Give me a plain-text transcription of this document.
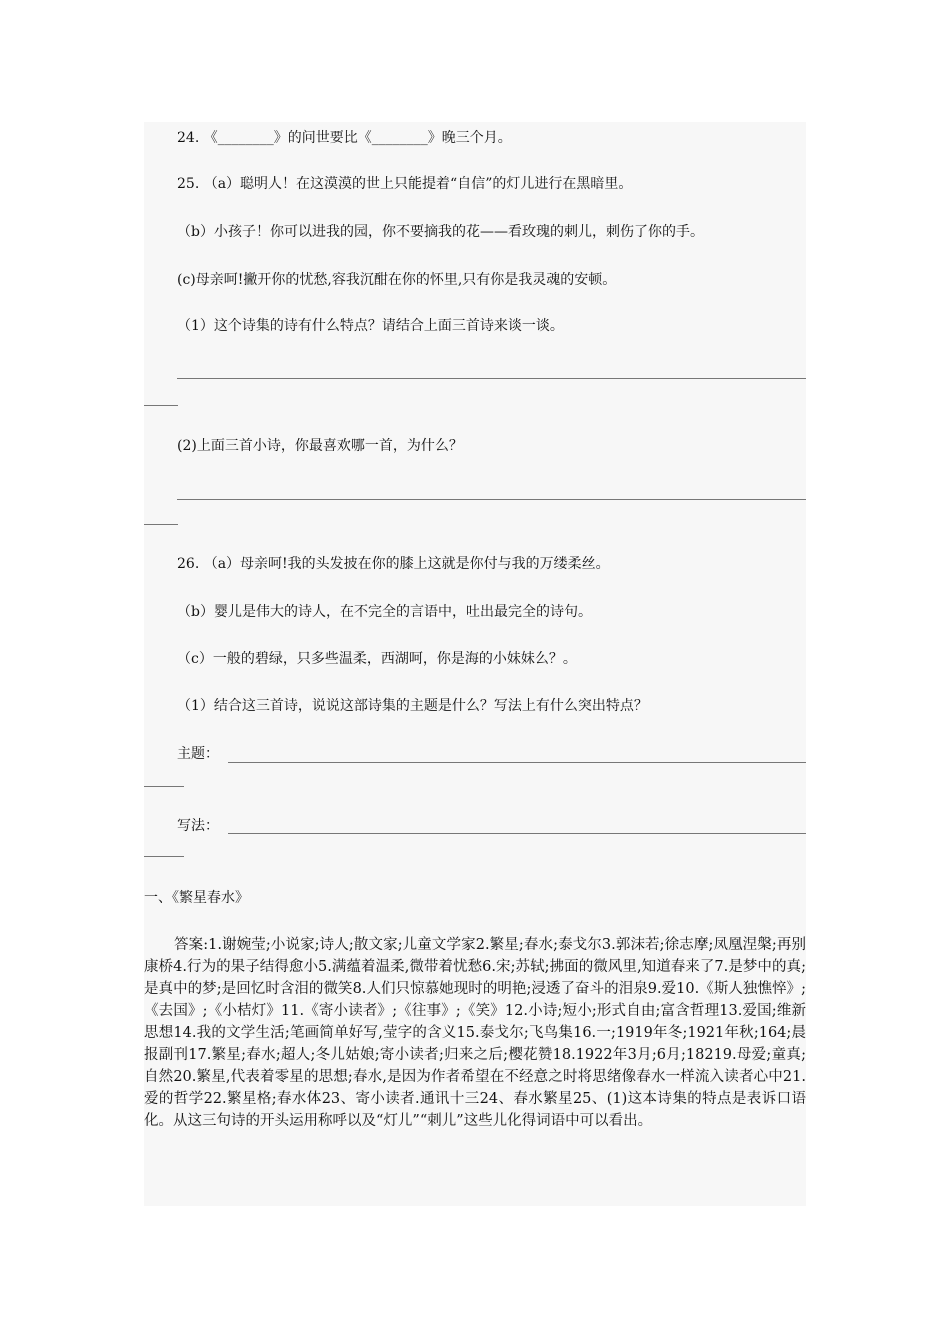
24. 《________》的问世要比《________》晚三个月。
25. （a）聪明人！在这漠漠的世上只能提着“自信”的灯儿进行在黑暗里。
（b）小孩子！你可以进我的园，你不要摘我的花——看玫瑰的刺儿，刺伤了你的手。
(c)母亲呵!撇开你的忧愁,容我沉酣在你的怀里,只有你是我灵魂的安顿。
（1）这个诗集的诗有什么特点？请结合上面三首诗来谈一谈。
(2)上面三首小诗，你最喜欢哪一首，为什么？
26. （a）母亲呵!我的头发披在你的膝上这就是你付与我的万缕柔丝。
（b）婴儿是伟大的诗人，在不完全的言语中，吐出最完全的诗句。
（c）一般的碧绿，只多些温柔，西湖呵，你是海的小妹妹么？。
（1）结合这三首诗，说说这部诗集的主题是什么？写法上有什么突出特点？
主题：
写法：
一、《繁星春水》
答案:1.谢婉莹;小说家;诗人;散文家;儿童文学家2.繁星;春水;泰戈尔3.郭沫若;徐志摩;凤凰涅槃;再别康桥4.行为的果子结得愈小5.满蕴着温柔,微带着忧愁6.宋;苏轼;拂面的微风里,知道春来了7.是梦中的真;是真中的梦;是回忆时含泪的微笑8.人们只惊慕她现时的明艳;浸透了奋斗的泪泉9.爱10.《斯人独憔悴》;《去国》;《小桔灯》11.《寄小读者》;《往事》;《笑》12.小诗;短小;形式自由;富含哲理13.爱国;维新思想14.我的文学生活;笔画简单好写,莹字的含义15.泰戈尔;飞鸟集16.一;1919年冬;1921年秋;164;晨报副刊17.繁星;春水;超人;冬儿姑娘;寄小读者;归来之后;樱花赞18.1922年3月;6月;18219.母爱;童真;自然20.繁星,代表着零星的思想;春水,是因为作者希望在不经意之时将思绪像春水一样流入读者心中21.爱的哲学22.繁星格;春水体23、寄小读者.通讯十三24、春水繁星25、(1)这本诗集的特点是表诉口语化。从这三句诗的开头运用称呼以及“灯儿”“刺儿”这些儿化得词语中可以看出。
